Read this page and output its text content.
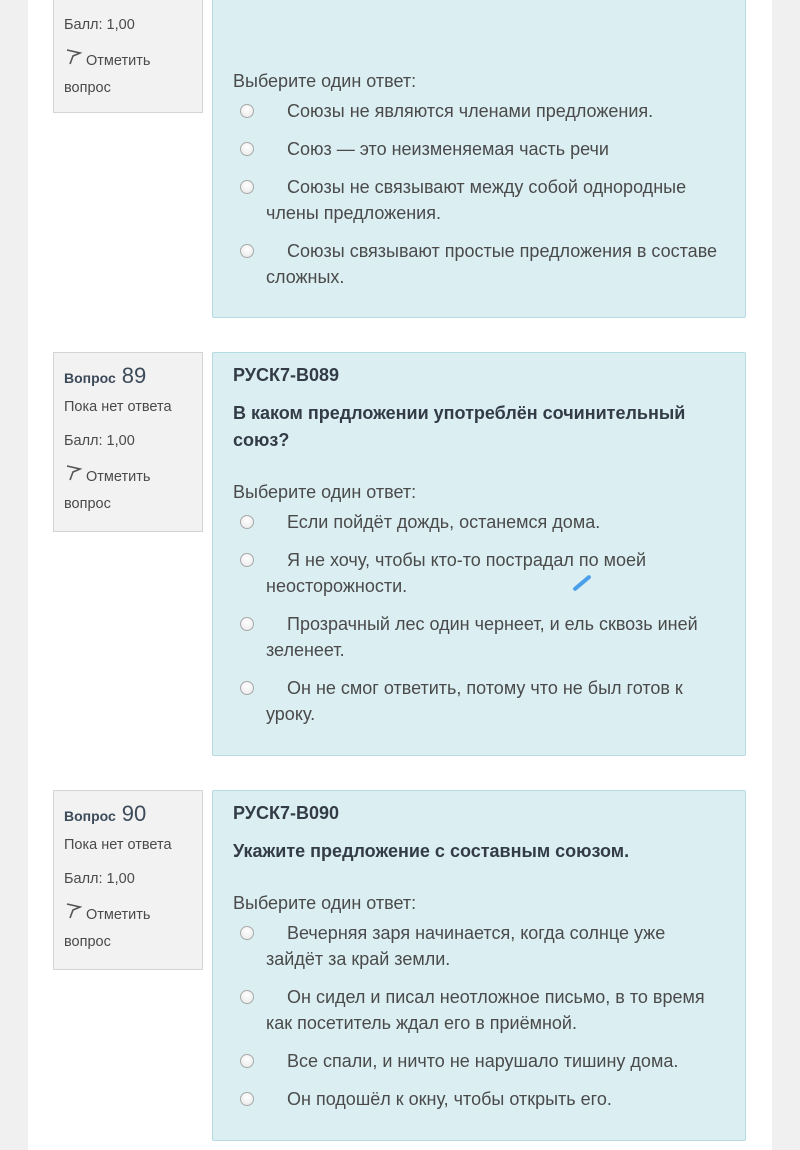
Балл: 1,00
Отметить вопрос	Выберите один ответ:
Союзы не являются членами предложения.
Союз — это неизменяемая часть речи
Союзы не связывают между собой однородные члены предложения.
Союзы связывают простые предложения в составе сложных.
Вопрос 89
Пока нет ответа
Балл: 1,00
Отметить вопрос
РУСК7-В089
В каком предложении употреблён сочинительный союз?
Выберите один ответ:
Если пойдёт дождь, останемся дома.
Я не хочу, чтобы кто-то пострадал по моей неосторожности.
Прозрачный лес один чернеет, и ель сквозь иней зеленеет.
Он не смог ответить, потому что не был готов к уроку.
Вопрос 90
Пока нет ответа
Балл: 1,00
Отметить вопрос
РУСК7-В090
Укажите предложение с составным союзом.
Выберите один ответ:
Вечерняя заря начинается, когда солнце уже зайдёт за край земли.
Он сидел и писал неотложное письмо, в то время как посетитель ждал его в приёмной.
Все спали, и ничто не нарушало тишину дома.
Он подошёл к окну, чтобы открыть его.
